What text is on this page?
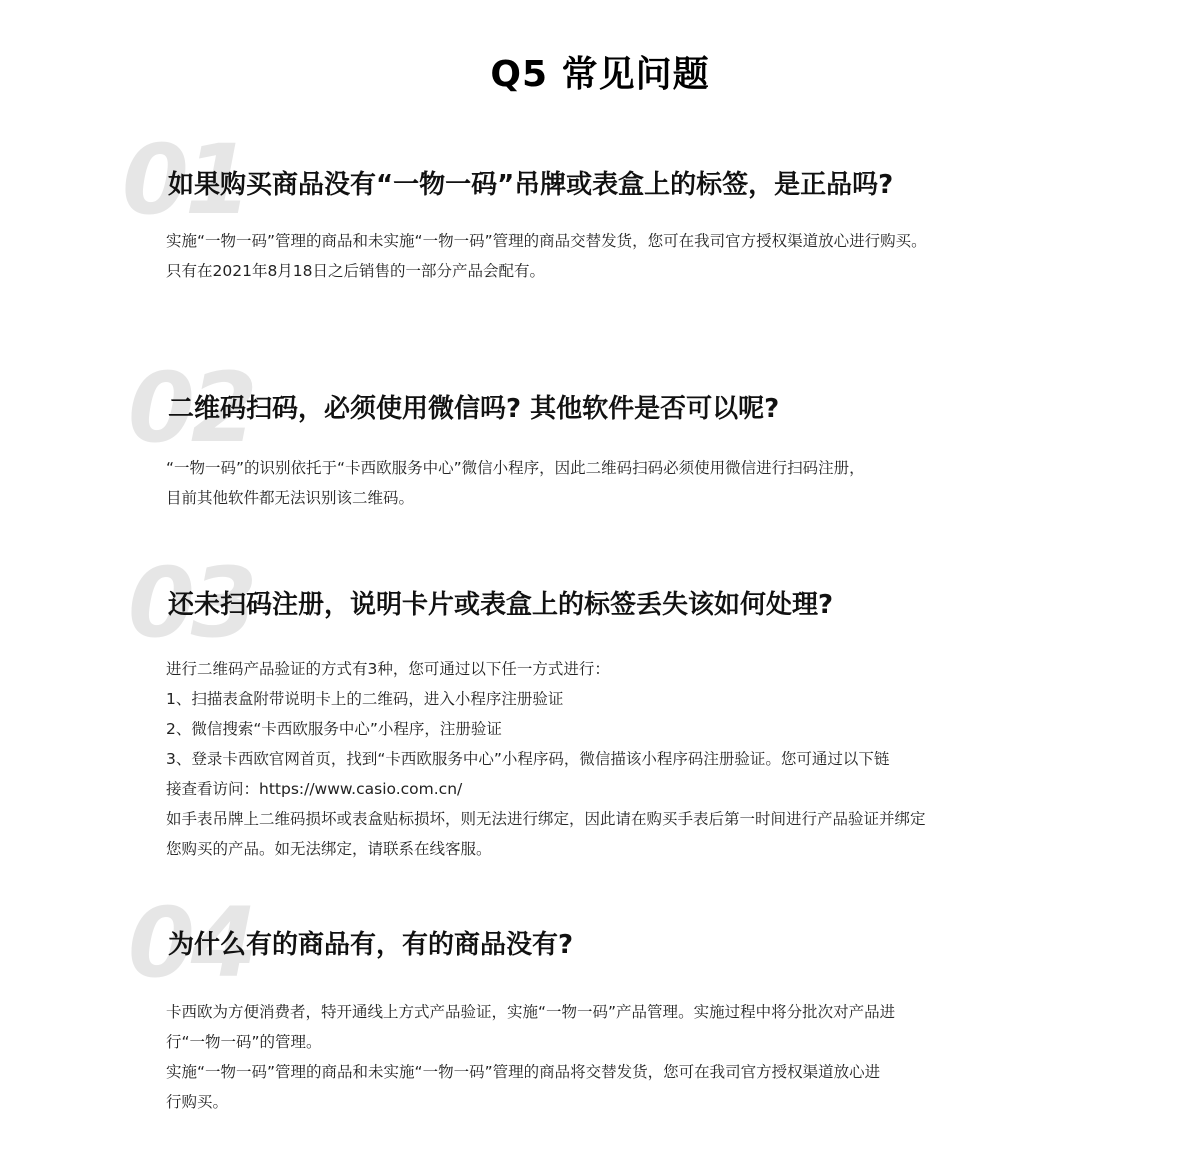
Q5 常见问题
01
如果购买商品没有“一物一码”吊牌或表盒上的标签，是正品吗?

实施“一物一码”管理的商品和未实施“一物一码”管理的商品交替发货，您可在我司官方授权渠道放心进行购买。
只有在2021年8月18日之后销售的一部分产品会配有。

02
二维码扫码，必须使用微信吗? 其他软件是否可以呢?

“一物一码”的识别依托于“卡西欧服务中心”微信小程序，因此二维码扫码必须使用微信进行扫码注册，
目前其他软件都无法识别该二维码。

03
还未扫码注册，说明卡片或表盒上的标签丢失该如何处理?

进行二维码产品验证的方式有3种，您可通过以下任一方式进行：
1、扫描表盒附带说明卡上的二维码，进入小程序注册验证
2、微信搜索“卡西欧服务中心”小程序，注册验证
3、登录卡西欧官网首页，找到“卡西欧服务中心”小程序码，微信描该小程序码注册验证。您可通过以下链
接查看访问：https://www.casio.com.cn/
如手表吊牌上二维码损坏或表盒贴标损坏，则无法进行绑定，因此请在购买手表后第一时间进行产品验证并绑定
您购买的产品。如无法绑定，请联系在线客服。

04
为什么有的商品有，有的商品没有?

卡西欧为方便消费者，特开通线上方式产品验证，实施“一物一码”产品管理。实施过程中将分批次对产品进
行“一物一码”的管理。
实施“一物一码”管理的商品和未实施“一物一码”管理的商品将交替发货，您可在我司官方授权渠道放心进
行购买。
